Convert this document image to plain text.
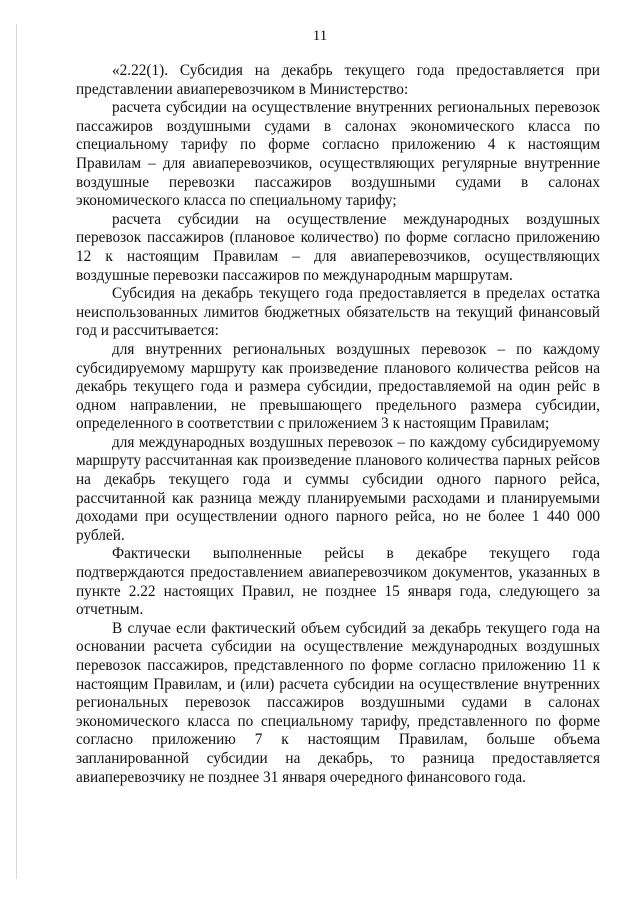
11

«2.22(1). Субсидия на декабрь текущего года предоставляется при представлении авиаперевозчиком в Министерство:

расчета субсидии на осуществление внутренних региональных перевозок пассажиров воздушными судами в салонах экономического класса по специальному тарифу по форме согласно приложению 4 к настоящим Правилам – для авиаперевозчиков, осуществляющих регулярные внутренние воздушные перевозки пассажиров воздушными судами в салонах экономического класса по специальному тарифу;

расчета субсидии на осуществление международных воздушных перевозок пассажиров (плановое количество) по форме согласно приложению 12 к настоящим Правилам – для авиаперевозчиков, осуществляющих воздушные перевозки пассажиров по международным маршрутам.

Субсидия на декабрь текущего года предоставляется в пределах остатка неиспользованных лимитов бюджетных обязательств на текущий финансовый год и рассчитывается:

для внутренних региональных воздушных перевозок – по каждому субсидируемому маршруту как произведение планового количества рейсов на декабрь текущего года и размера субсидии, предоставляемой на один рейс в одном направлении, не превышающего предельного размера субсидии, определенного в соответствии с приложением 3 к настоящим Правилам;

для международных воздушных перевозок – по каждому субсидируемому маршруту рассчитанная как произведение планового количества парных рейсов на декабрь текущего года и суммы субсидии одного парного рейса, рассчитанной как разница между планируемыми расходами и планируемыми доходами при осуществлении одного парного рейса, но не более 1 440 000 рублей.

Фактически выполненные рейсы в декабре текущего года подтверждаются предоставлением авиаперевозчиком документов, указанных в пункте 2.22 настоящих Правил, не позднее 15 января года, следующего за отчетным.

В случае если фактический объем субсидий за декабрь текущего года на основании расчета субсидии на осуществление международных воздушных перевозок пассажиров, представленного по форме согласно приложению 11 к настоящим Правилам, и (или) расчета субсидии на осуществление внутренних региональных перевозок пассажиров воздушными судами в салонах экономического класса по специальному тарифу, представленного по форме согласно приложению 7 к настоящим Правилам, больше объема запланированной субсидии на декабрь, то разница предоставляется авиаперевозчику не позднее 31 января очередного финансового года.
